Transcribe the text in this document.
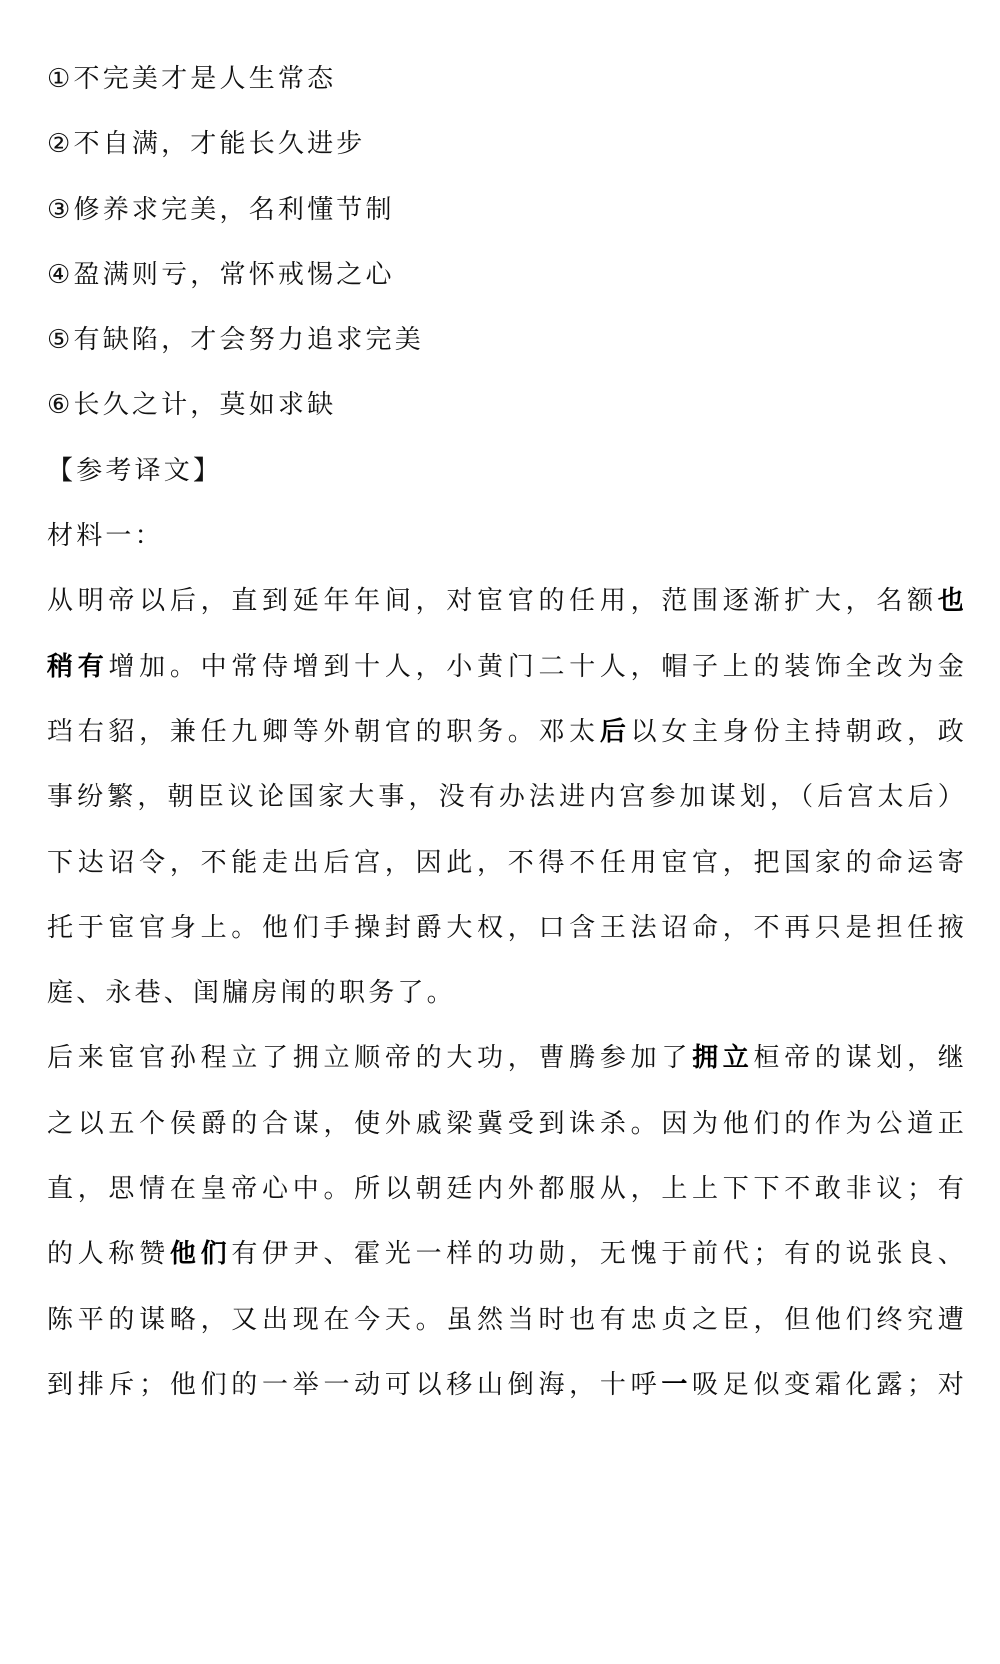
①不完美才是人生常态
②不自满，才能长久进步
③修养求完美，名利懂节制
④盈满则亏，常怀戒惕之心
⑤有缺陷，才会努力追求完美
⑥长久之计，莫如求缺
【参考译文】
材料一：
从明帝以后，直到延年年间，对宦官的任用，范围逐渐扩大，名额也
稍有增加。中常侍增到十人，小黄门二十人，帽子上的装饰全改为金
珰右貂，兼任九卿等外朝官的职务。邓太后以女主身份主持朝政，政
事纷繁，朝臣议论国家大事，没有办法进内宫参加谋划，（后宫太后）
下达诏令，不能走出后宫，因此，不得不任用宦官，把国家的命运寄
托于宦官身上。他们手操封爵大权，口含王法诏命，不再只是担任掖
庭、永巷、闺牖房闱的职务了。
后来宦官孙程立了拥立顺帝的大功，曹腾参加了拥立桓帝的谋划，继
之以五个侯爵的合谋，使外戚梁冀受到诛杀。因为他们的作为公道正
直，思情在皇帝心中。所以朝廷内外都服从，上上下下不敢非议；有
的人称赞他们有伊尹、霍光一样的功勋，无愧于前代；有的说张良、
陈平的谋略，又出现在今天。虽然当时也有忠贞之臣，但他们终究遭
到排斥；他们的一举一动可以移山倒海，十呼一吸足似变霜化露；对
